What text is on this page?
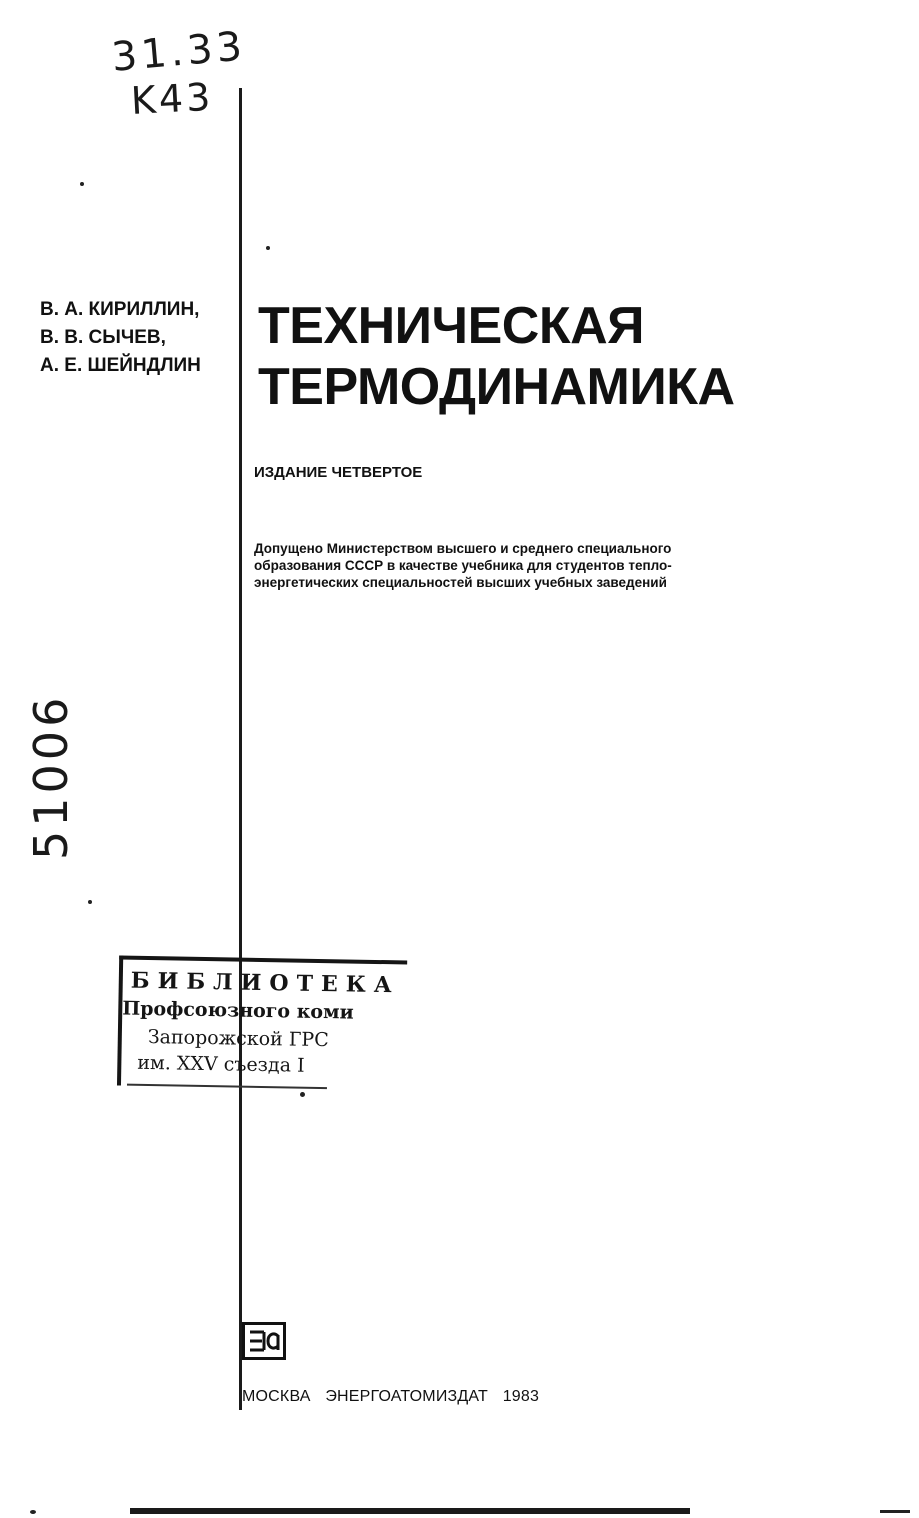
31.33
K43
51006
В. А. КИРИЛЛИН,
В. В. СЫЧЕВ,
А. Е. ШЕЙНДЛИН
ТЕХНИЧЕСКАЯ
ТЕРМОДИНАМИКА
ИЗДАНИЕ ЧЕТВЕРТОЕ
Допущено Министерством высшего и среднего специального
образования СССР в качестве учебника для студентов тепло-
энергетических специальностей высших учебных заведений
БИБЛИОТЕКА
Профсоюзного коми
Запорожской ГРС
им. XXV съезда I
МОСКВА ЭНЕРГОАТОМИЗДАТ 1983
